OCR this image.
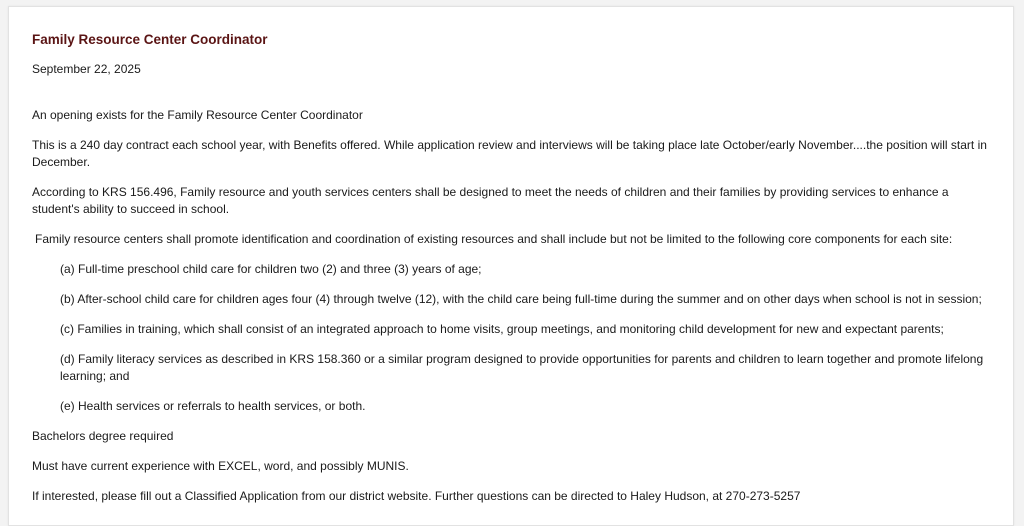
Family Resource Center Coordinator

September 22, 2025

An opening exists for the Family Resource Center Coordinator

This is a 240 day contract each school year, with Benefits offered. While application review and interviews will be taking place late October/early November....the position will start in December.

According to KRS 156.496, Family resource and youth services centers shall be designed to meet the needs of children and their families by providing services to enhance a student's ability to succeed in school.

Family resource centers shall promote identification and coordination of existing resources and shall include but not be limited to the following core components for each site:

(a) Full-time preschool child care for children two (2) and three (3) years of age;

(b) After-school child care for children ages four (4) through twelve (12), with the child care being full-time during the summer and on other days when school is not in session;

(c) Families in training, which shall consist of an integrated approach to home visits, group meetings, and monitoring child development for new and expectant parents;

(d) Family literacy services as described in KRS 158.360 or a similar program designed to provide opportunities for parents and children to learn together and promote lifelong learning; and

(e) Health services or referrals to health services, or both.

Bachelors degree required

Must have current experience with EXCEL, word, and possibly MUNIS.

If interested, please fill out a Classified Application from our district website. Further questions can be directed to Haley Hudson, at 270-273-5257
